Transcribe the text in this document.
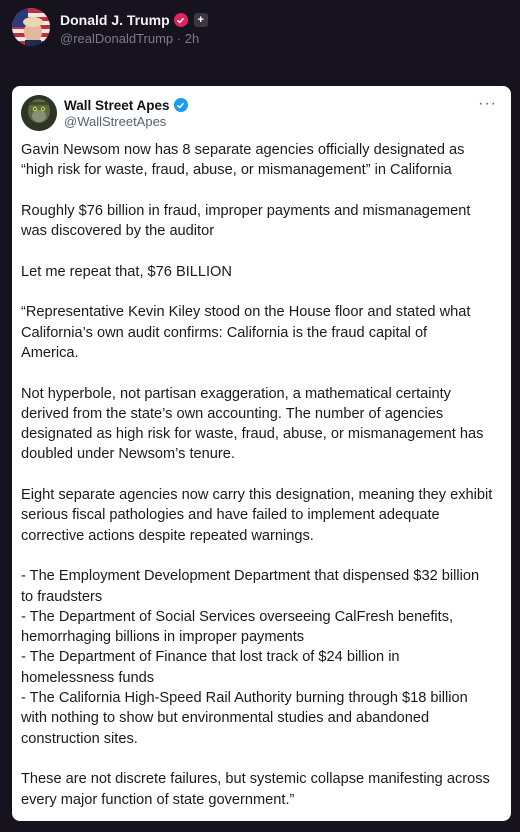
Donald J. Trump	+
@realDonaldTrump · 2h
Wall Street Apes
@WallStreetApes
···

Gavin Newsom now has 8 separate agencies officially designated as
“high risk for waste, fraud, abuse, or mismanagement” in California

Roughly $76 billion in fraud, improper payments and mismanagement
was discovered by the auditor

Let me repeat that, $76 BILLION

“Representative Kevin Kiley stood on the House floor and stated what
California’s own audit confirms: California is the fraud capital of
America.

Not hyperbole, not partisan exaggeration, a mathematical certainty
derived from the state’s own accounting. The number of agencies
designated as high risk for waste, fraud, abuse, or mismanagement has
doubled under Newsom’s tenure.

Eight separate agencies now carry this designation, meaning they exhibit
serious fiscal pathologies and have failed to implement adequate
corrective actions despite repeated warnings.

- The Employment Development Department that dispensed $32 billion
to fraudsters
- The Department of Social Services overseeing CalFresh benefits,
hemorrhaging billions in improper payments
- The Department of Finance that lost track of $24 billion in
homelessness funds
- The California High-Speed Rail Authority burning through $18 billion
with nothing to show but environmental studies and abandoned
construction sites.

These are not discrete failures, but systemic collapse manifesting across
every major function of state government.”
